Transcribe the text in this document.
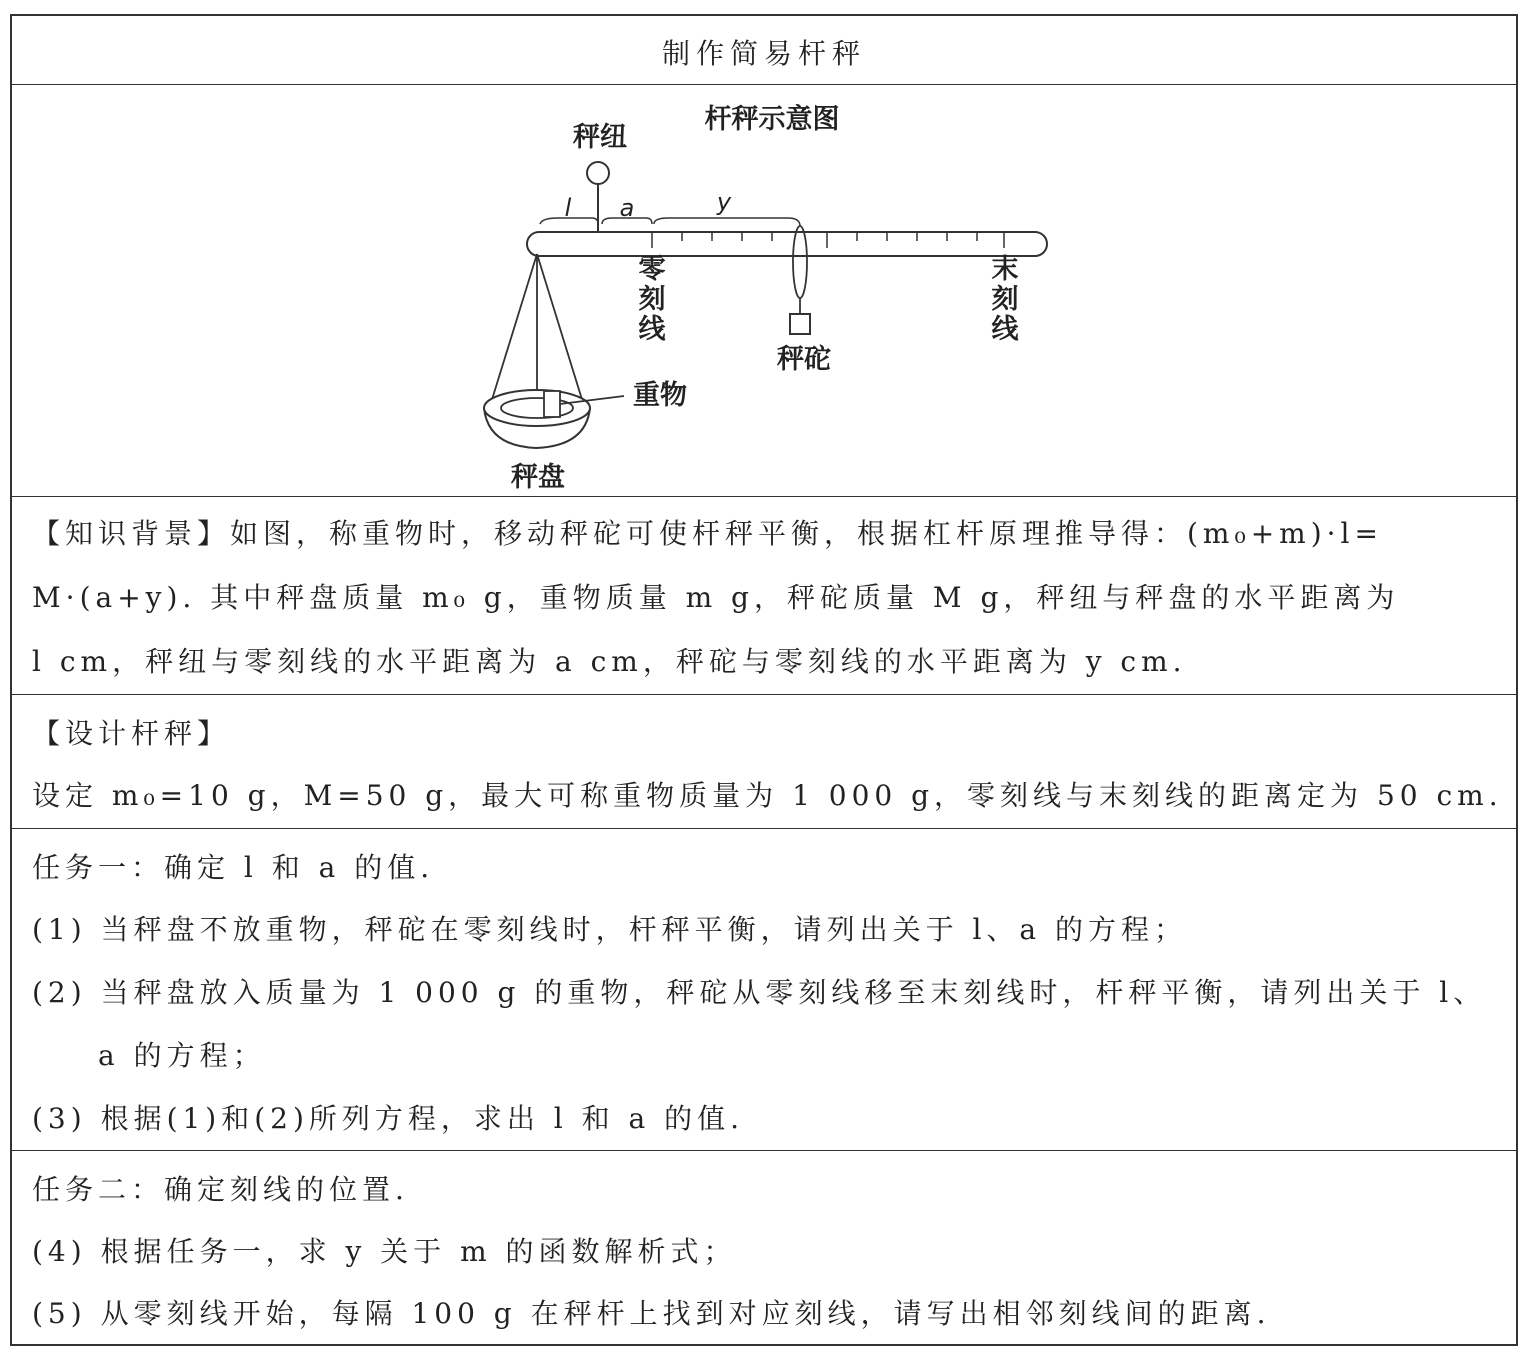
制作简易杆秤
杆秤示意图
秤纽
l a	y
零刻线
末刻线
秤砣
重物
秤盘
【知识背景】如图，称重物时，移动秤砣可使杆秤平衡，根据杠杆原理推导得：(m₀+m)·l=
M·(a+y). 其中秤盘质量 m₀ g，重物质量 m g，秤砣质量 M g，秤纽与秤盘的水平距离为
l cm，秤纽与零刻线的水平距离为 a cm，秤砣与零刻线的水平距离为 y cm.
【设计杆秤】
设定 m₀=10 g，M=50 g，最大可称重物质量为 1 000 g，零刻线与末刻线的距离定为 50 cm.
任务一：确定 l 和 a 的值.
(1) 当秤盘不放重物，秤砣在零刻线时，杆秤平衡，请列出关于 l、a 的方程；
(2) 当秤盘放入质量为 1 000 g 的重物，秤砣从零刻线移至末刻线时，杆秤平衡，请列出关于 l、
a 的方程；
(3) 根据(1)和(2)所列方程，求出 l 和 a 的值.
任务二：确定刻线的位置.
(4) 根据任务一，求 y 关于 m 的函数解析式；
(5) 从零刻线开始，每隔 100 g 在秤杆上找到对应刻线，请写出相邻刻线间的距离.
